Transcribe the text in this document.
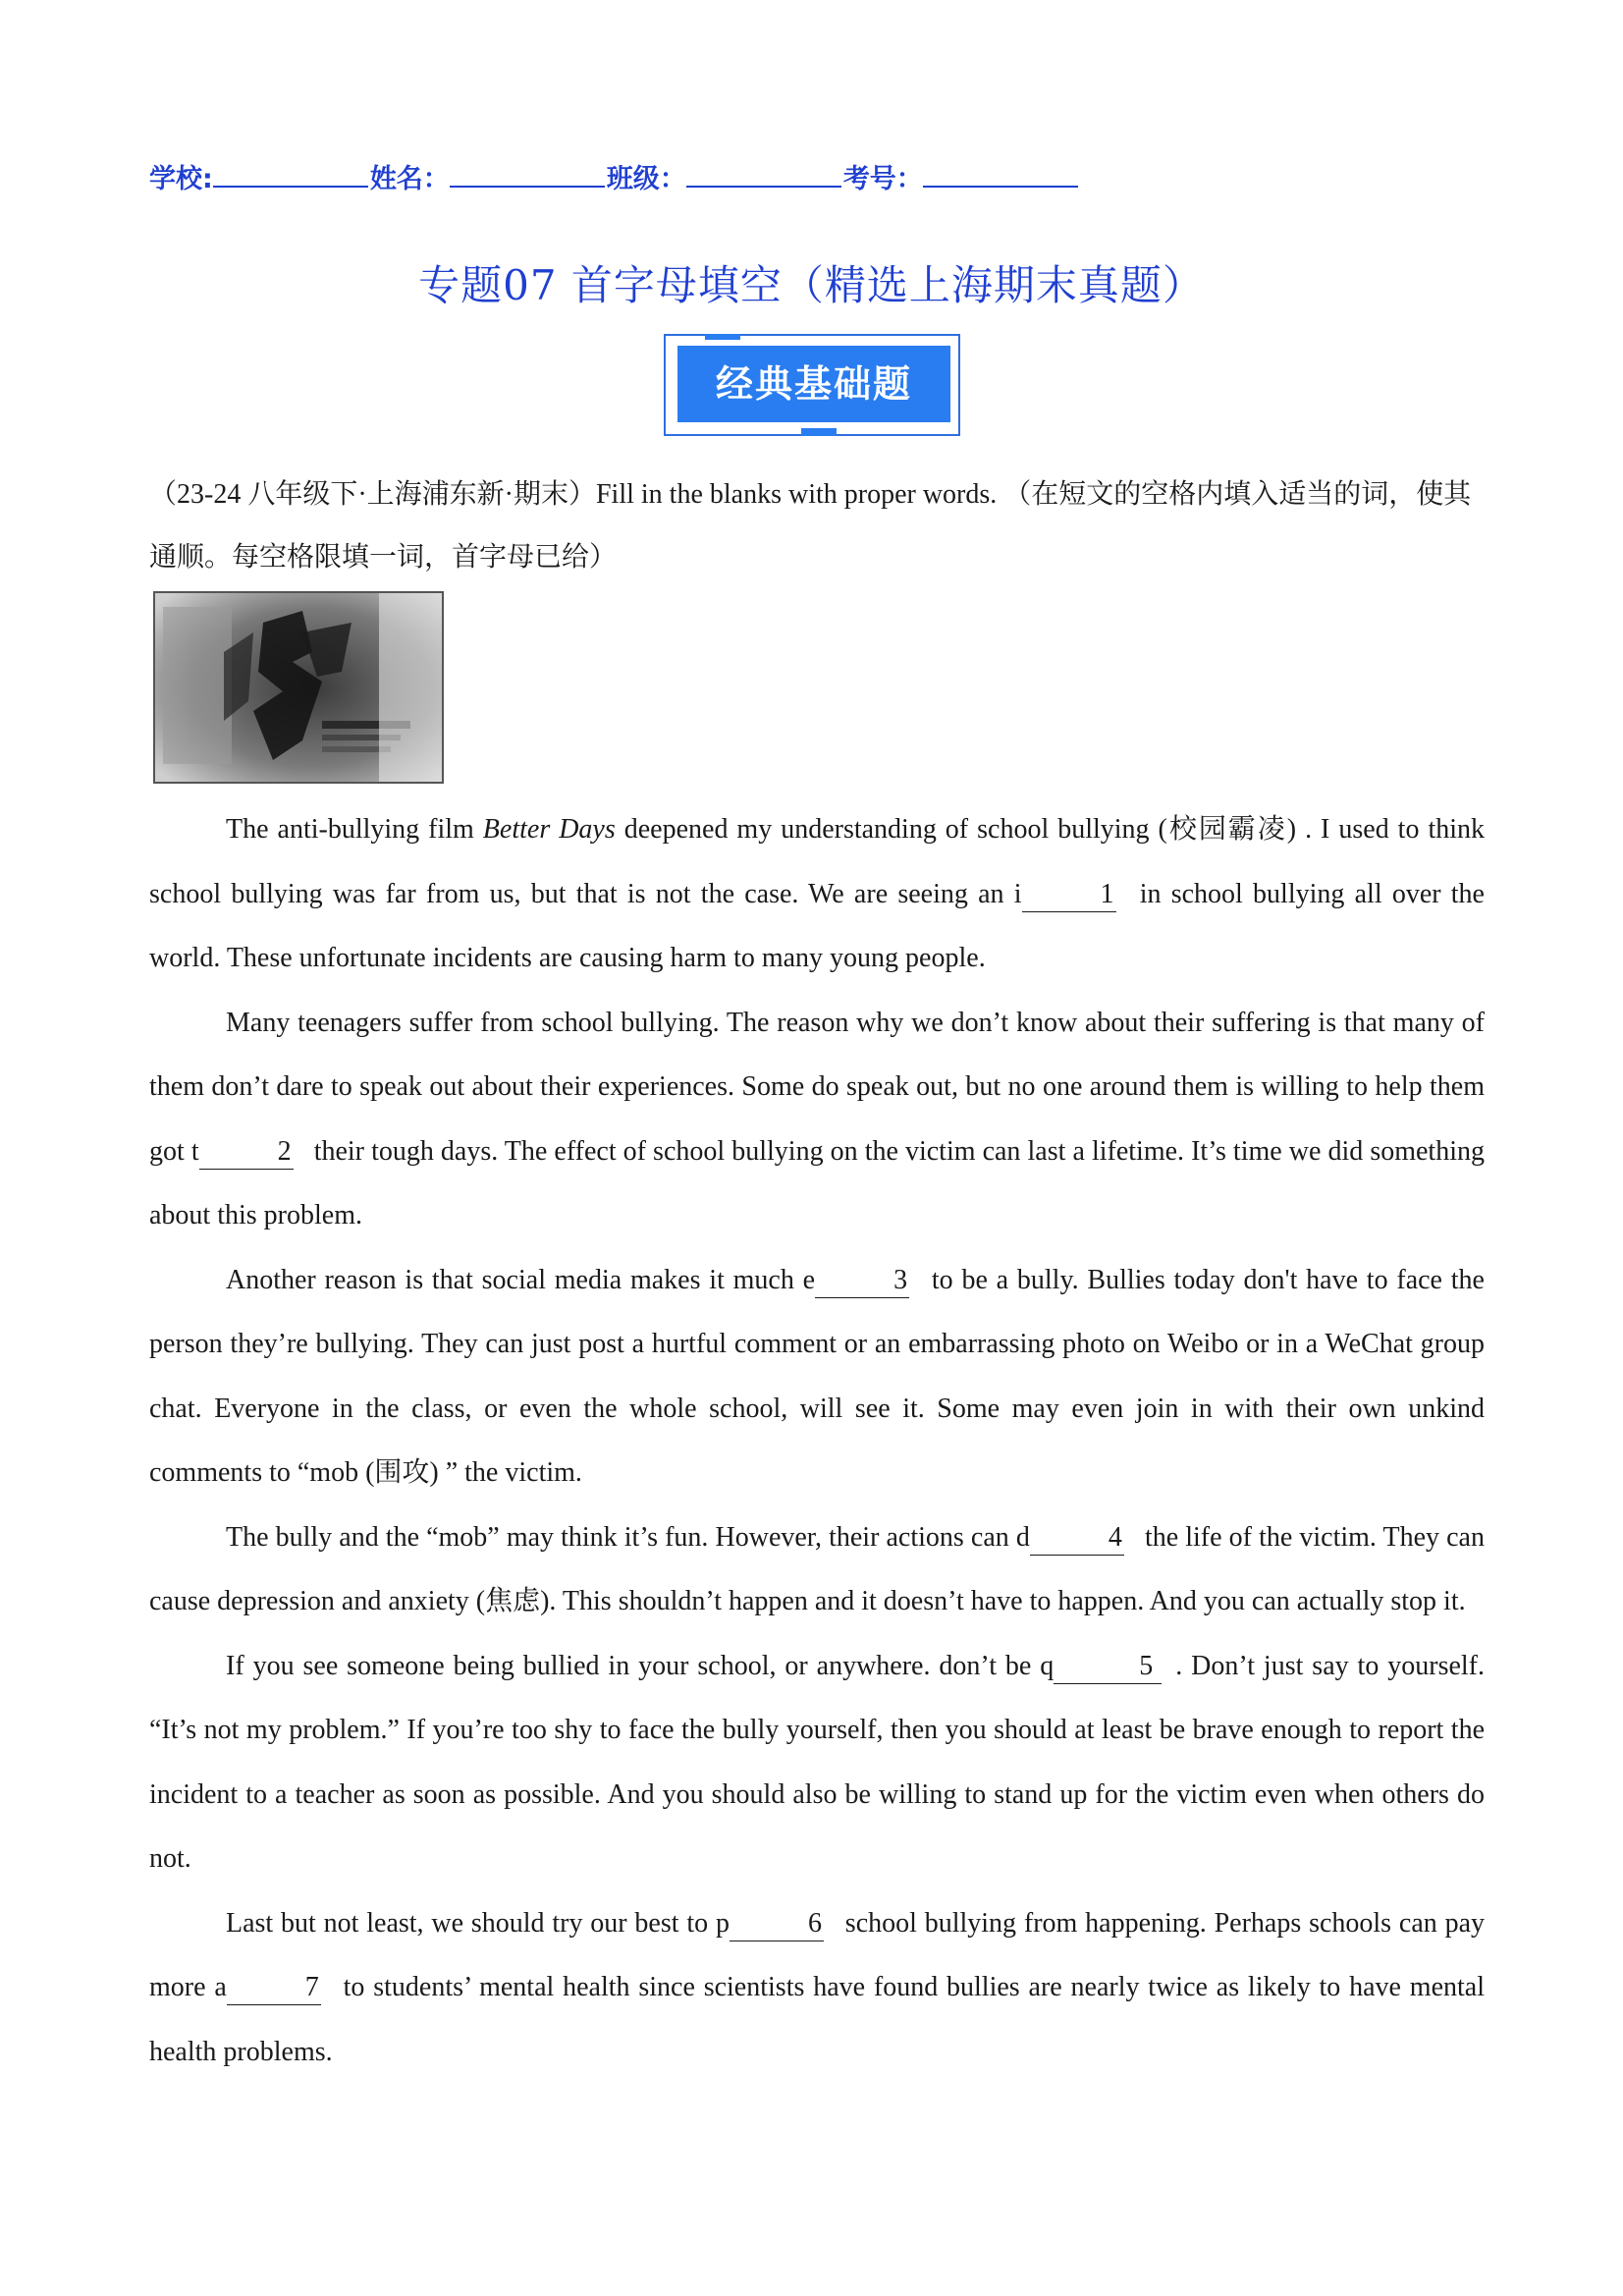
学校:	姓名：	班级：	考号：
专题07 首字母填空（精选上海期末真题）
经典基础题
（23-24 八年级下·上海浦东新·期末）Fill in the blanks with proper words. （在短文的空格内填入适当的词，使其通顺。每空格限填一词，首字母已给）

The anti-bullying film Better Days deepened my understanding of school bullying (校园霸凌) . I used to think school bullying was far from us, but that is not the case. We are seeing an i	1 in school bullying all over the world. These unfortunate incidents are causing harm to many young people.

Many teenagers suffer from school bullying. The reason why we don’t know about their suffering is that many of them don’t dare to speak out about their experiences. Some do speak out, but no one around them is willing to help them got t	2 their tough days. The effect of school bullying on the victim can last a lifetime. It’s time we did something about this problem.

Another reason is that social media makes it much e	3 to be a bully. Bullies today don't have to face the person they’re bullying. They can just post a hurtful comment or an embarrassing photo on Weibo or in a WeChat group chat. Everyone in the class, or even the whole school, will see it. Some may even join in with their own unkind comments to “mob (围攻) ” the victim.

The bully and the “mob” may think it’s fun. However, their actions can d	4 the life of the victim. They can cause depression and anxiety (焦虑). This shouldn’t happen and it doesn’t have to happen. And you can actually stop it.

If you see someone being bullied in your school, or anywhere. don’t be q	5 . Don’t just say to yourself. “It’s not my problem.” If you’re too shy to face the bully yourself, then you should at least be brave enough to report the incident to a teacher as soon as possible. And you should also be willing to stand up for the victim even when others do not.

Last but not least, we should try our best to p	6 school bullying from happening. Perhaps schools can pay more a	7 to students’ mental health since scientists have found bullies are nearly twice as likely to have mental health problems.
